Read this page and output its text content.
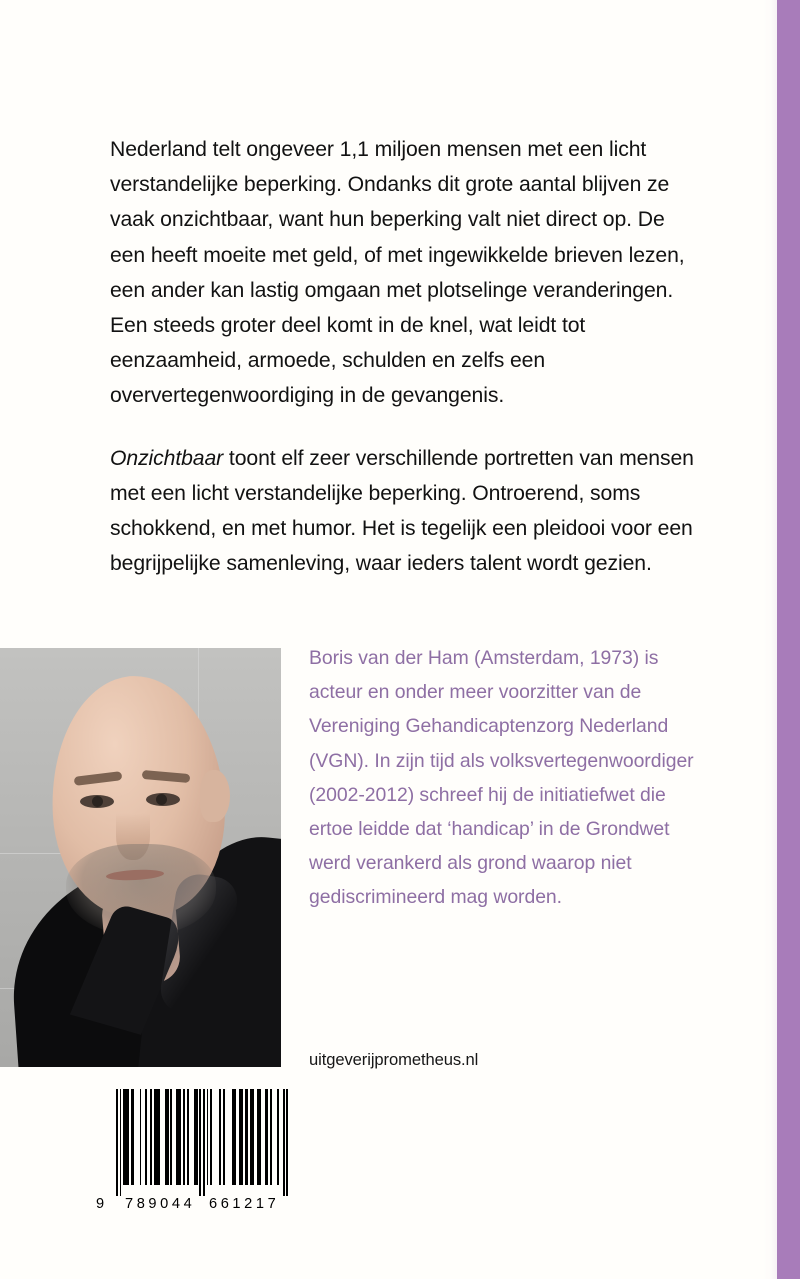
Nederland telt ongeveer 1,1 miljoen mensen met een licht verstandelijke beperking. Ondanks dit grote aantal blijven ze vaak onzichtbaar, want hun beperking valt niet direct op. De een heeft moeite met geld, of met ingewikkelde brieven lezen, een ander kan lastig omgaan met plotselinge veranderingen. Een steeds groter deel komt in de knel, wat leidt tot eenzaamheid, armoede, schulden en zelfs een oververtegenwoordiging in de gevangenis.

Onzichtbaar toont elf zeer verschillende portretten van mensen met een licht verstandelijke beperking. Ontroerend, soms schokkend, en met humor. Het is tegelijk een pleidooi voor een begrijpelijke samenleving, waar ieders talent wordt gezien.

Boris van der Ham (Amsterdam, 1973) is acteur en onder meer voorzitter van de Vereniging Gehandicaptenzorg Nederland (VGN). In zijn tijd als volksvertegenwoordiger (2002-2012) schreef hij de initiatiefwet die ertoe leidde dat ‘handicap’ in de Grondwet werd verankerd als grond waarop niet gediscrimineerd mag worden.

uitgeverijprometheus.nl
9 789044 661217
